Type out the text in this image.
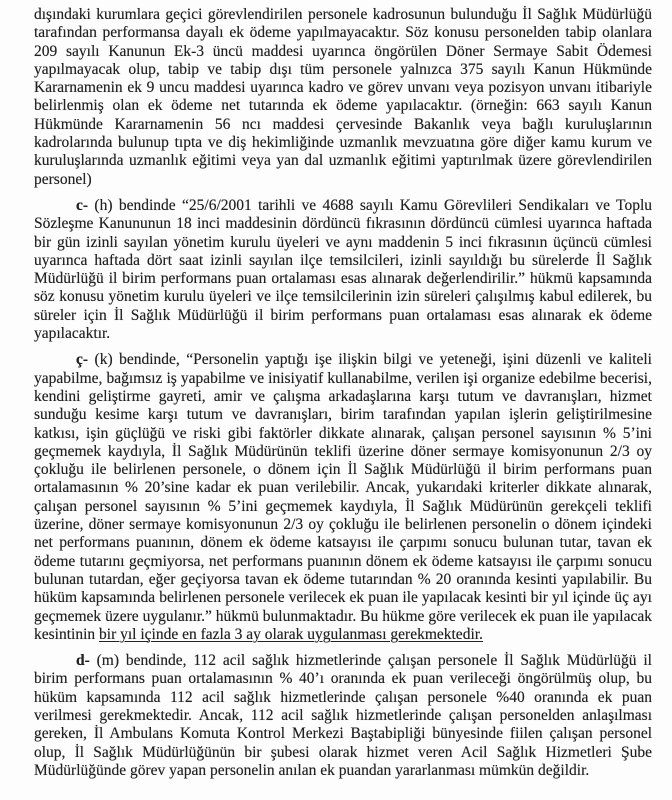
dışındaki kurumlara geçici görevlendirilen personele kadrosunun bulunduğu İl Sağlık Müdürlüğü tarafından performansa dayalı ek ödeme yapılmayacaktır. Söz konusu personelden tabip olanlara 209 sayılı Kanunun Ek-3 üncü maddesi uyarınca öngörülen Döner Sermaye Sabit Ödemesi yapılmayacak olup, tabip ve tabip dışı tüm personele yalnızca 375 sayılı Kanun Hükmünde Kararnamenin ek 9 uncu maddesi uyarınca kadro ve görev unvanı veya pozisyon unvanı itibariyle belirlenmiş olan ek ödeme net tutarında ek ödeme yapılacaktır. (örneğin: 663 sayılı Kanun Hükmünde Kararnamenin 56 ncı maddesi çervesinde Bakanlık veya bağlı kuruluşlarının kadrolarında bulunup tıpta ve diş hekimliğinde uzmanlık mevzuatına göre diğer kamu kurum ve kuruluşlarında uzmanlık eğitimi veya yan dal uzmanlık eğitimi yaptırılmak üzere görevlendirilen personel)

c- (h) bendinde “25/6/2001 tarihli ve 4688 sayılı Kamu Görevlileri Sendikaları ve Toplu Sözleşme Kanununun 18 inci maddesinin dördüncü fıkrasının dördüncü cümlesi uyarınca haftada bir gün izinli sayılan yönetim kurulu üyeleri ve aynı maddenin 5 inci fıkrasının üçüncü cümlesi uyarınca haftada dört saat izinli sayılan ilçe temsilcileri, izinli sayıldığı bu sürelerde İl Sağlık Müdürlüğü il birim performans puan ortalaması esas alınarak değerlendirilir.” hükmü kapsamında söz konusu yönetim kurulu üyeleri ve ilçe temsilcilerinin izin süreleri çalışılmış kabul edilerek, bu süreler için İl Sağlık Müdürlüğü il birim performans puan ortalaması esas alınarak ek ödeme yapılacaktır.

ç- (k) bendinde, “Personelin yaptığı işe ilişkin bilgi ve yeteneği, işini düzenli ve kaliteli yapabilme, bağımsız iş yapabilme ve inisiyatif kullanabilme, verilen işi organize edebilme becerisi, kendini geliştirme gayreti, amir ve çalışma arkadaşlarına karşı tutum ve davranışları, hizmet sunduğu kesime karşı tutum ve davranışları, birim tarafından yapılan işlerin geliştirilmesine katkısı, işin güçlüğü ve riski gibi faktörler dikkate alınarak, çalışan personel sayısının % 5’ini geçmemek kaydıyla, İl Sağlık Müdürünün teklifi üzerine döner sermaye komisyonunun 2/3 oy çokluğu ile belirlenen personele, o dönem için İl Sağlık Müdürlüğü il birim performans puan ortalamasının % 20’sine kadar ek puan verilebilir. Ancak, yukarıdaki kriterler dikkate alınarak, çalışan personel sayısının % 5’ini geçmemek kaydıyla, İl Sağlık Müdürünün gerekçeli teklifi üzerine, döner sermaye komisyonunun 2/3 oy çokluğu ile belirlenen personelin o dönem içindeki net performans puanının, dönem ek ödeme katsayısı ile çarpımı sonucu bulunan tutar, tavan ek ödeme tutarını geçmiyorsa, net performans puanının dönem ek ödeme katsayısı ile çarpımı sonucu bulunan tutardan, eğer geçiyorsa tavan ek ödeme tutarından % 20 oranında kesinti yapılabilir. Bu hüküm kapsamında belirlenen personele verilecek ek puan ile yapılacak kesinti bir yıl içinde üç ayı geçmemek üzere uygulanır.” hükmü bulunmaktadır. Bu hükme göre verilecek ek puan ile yapılacak kesintinin bir yıl içinde en fazla 3 ay olarak uygulanması gerekmektedir.

d- (m) bendinde, 112 acil sağlık hizmetlerinde çalışan personele İl Sağlık Müdürlüğü il birim performans puan ortalamasının % 40’ı oranında ek puan verileceği öngörülmüş olup, bu hüküm kapsamında 112 acil sağlık hizmetlerinde çalışan personele %40 oranında ek puan verilmesi gerekmektedir. Ancak, 112 acil sağlık hizmetlerinde çalışan personelden anlaşılması gereken, İl Ambulans Komuta Kontrol Merkezi Baştabipliği bünyesinde fiilen çalışan personel olup, İl Sağlık Müdürlüğünün bir şubesi olarak hizmet veren Acil Sağlık Hizmetleri Şube Müdürlüğünde görev yapan personelin anılan ek puandan yararlanması mümkün değildir.
